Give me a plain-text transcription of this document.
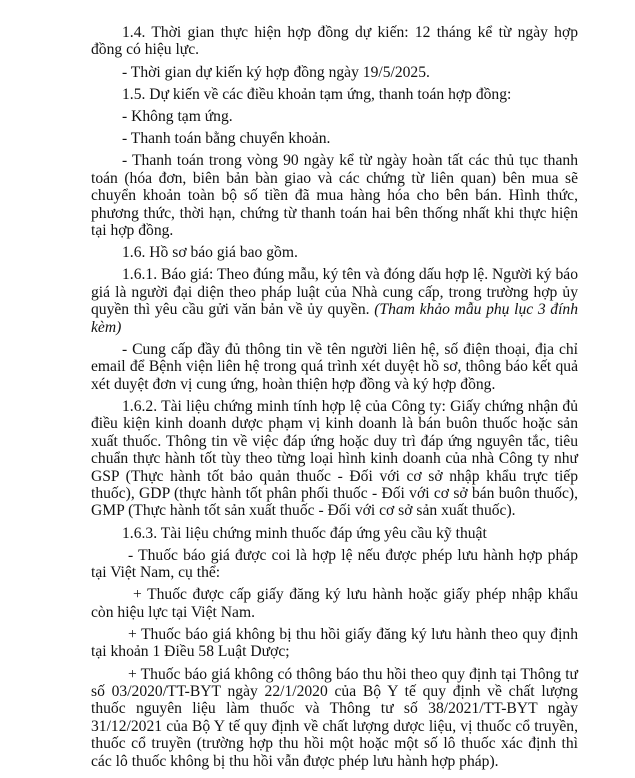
1.4. Thời gian thực hiện hợp đồng dự kiến: 12 tháng kể từ ngày hợp đồng có hiệu lực.

- Thời gian dự kiến ký hợp đồng ngày 19/5/2025.

1.5. Dự kiến về các điều khoản tạm ứng, thanh toán hợp đồng:

- Không tạm ứng.

- Thanh toán bằng chuyển khoản.

- Thanh toán trong vòng 90 ngày kể từ ngày hoàn tất các thủ tục thanh toán (hóa đơn, biên bản bàn giao và các chứng từ liên quan) bên mua sẽ chuyển khoản toàn bộ số tiền đã mua hàng hóa cho bên bán. Hình thức, phương thức, thời hạn, chứng từ thanh toán hai bên thống nhất khi thực hiện tại hợp đồng.

1.6. Hồ sơ báo giá bao gồm.

1.6.1. Báo giá: Theo đúng mẫu, ký tên và đóng dấu hợp lệ. Người ký báo giá là người đại diện theo pháp luật của Nhà cung cấp, trong trường hợp ủy quyền thì yêu cầu gửi văn bản về ủy quyền. (Tham khảo mẫu phụ lục 3 đính kèm)

- Cung cấp đầy đủ thông tin về tên người liên hệ, số điện thoại, địa chỉ email để Bệnh viện liên hệ trong quá trình xét duyệt hồ sơ, thông báo kết quả xét duyệt đơn vị cung ứng, hoàn thiện hợp đồng và ký hợp đồng.

1.6.2. Tài liệu chứng minh tính hợp lệ của Công ty: Giấy chứng nhận đủ điều kiện kinh doanh dược phạm vị kinh doanh là bán buôn thuốc hoặc sản xuất thuốc. Thông tin về việc đáp ứng hoặc duy trì đáp ứng nguyên tắc, tiêu chuẩn thực hành tốt tùy theo từng loại hình kinh doanh của nhà Công ty như GSP (Thực hành tốt bảo quản thuốc - Đối với cơ sở nhập khẩu trực tiếp thuốc), GDP (thực hành tốt phân phối thuốc - Đối với cơ sở bán buôn thuốc), GMP (Thực hành tốt sản xuất thuốc - Đối với cơ sở sản xuất thuốc).

1.6.3. Tài liệu chứng minh thuốc đáp ứng yêu cầu kỹ thuật

- Thuốc báo giá được coi là hợp lệ nếu được phép lưu hành hợp pháp tại Việt Nam, cụ thể:

+ Thuốc được cấp giấy đăng ký lưu hành hoặc giấy phép nhập khẩu còn hiệu lực tại Việt Nam.

+ Thuốc báo giá không bị thu hồi giấy đăng ký lưu hành theo quy định tại khoản 1 Điều 58 Luật Dược;

+ Thuốc báo giá không có thông báo thu hồi theo quy định tại Thông tư số 03/2020/TT-BYT ngày 22/1/2020 của Bộ Y tế quy định về chất lượng thuốc nguyên liệu làm thuốc và Thông tư số 38/2021/TT-BYT ngày 31/12/2021 của Bộ Y tế quy định về chất lượng dược liệu, vị thuốc cổ truyền, thuốc cổ truyền (trường hợp thu hồi một hoặc một số lô thuốc xác định thì các lô thuốc không bị thu hồi vẫn được phép lưu hành hợp pháp).
